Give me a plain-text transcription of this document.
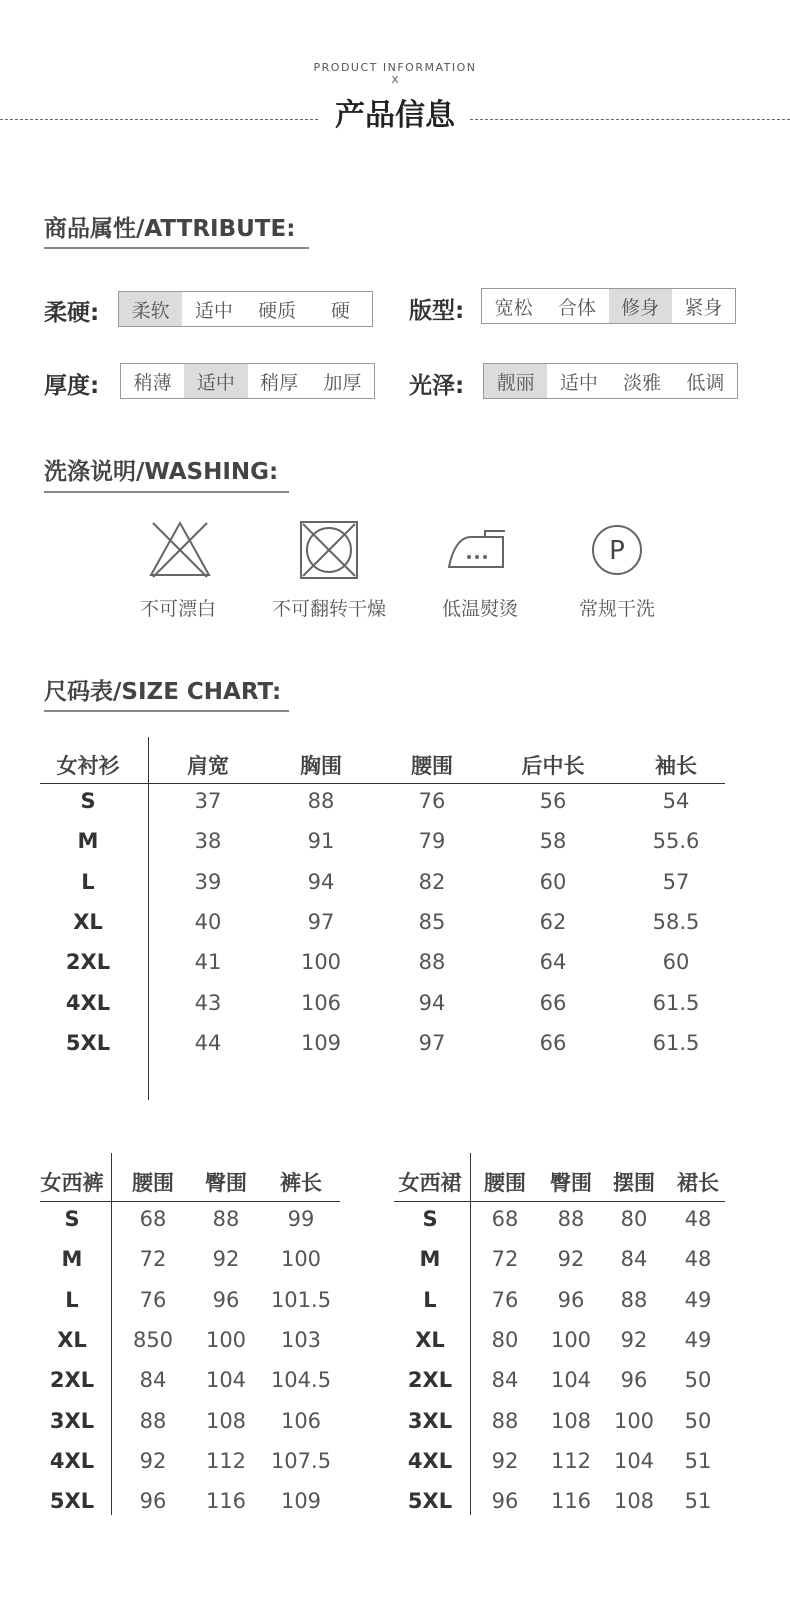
PRODUCT INFORMATION
X
产品信息
商品属性/ATTRIBUTE:
柔硬:	柔软	适中	硬质	硬	版型:	宽松	合体	修身	紧身
厚度:	稍薄	适中	稍厚	加厚	光泽:	靓丽	适中	淡雅	低调
洗涤说明/WASHING:
不可漂白	不可翻转干燥	低温熨烫
P
常规干洗
尺码表/SIZE CHART:
女衬衫	肩宽	胸围	腰围	后中长	袖长
S	37	88	76	56	54
M	38	91	79	58	55.6
L	39	94	82	60	57
XL	40	97	85	62	58.5
2XL	41	100	88	64	60
4XL	43	106	94	66	61.5
5XL	44	109	97	66	61.5
女西裤 腰围 臀围 裤长
S	68 88 99
M	72 92 100
L	76 96 101.5
XL 850 100 103
2XL 84 104 104.5
3XL 88 108 106
4XL 92 112 107.5
5XL 96 116 109
女西裙 腰围 臀围 摆围 裙长
S	68 88 80 48
M 72 92 84 48
L	76 96 88 49
XL 80 100 92 49
2XL 84 104 96 50
3XL 88 108 100 50
4XL 92 112 104 51
5XL 96 116 108 51
